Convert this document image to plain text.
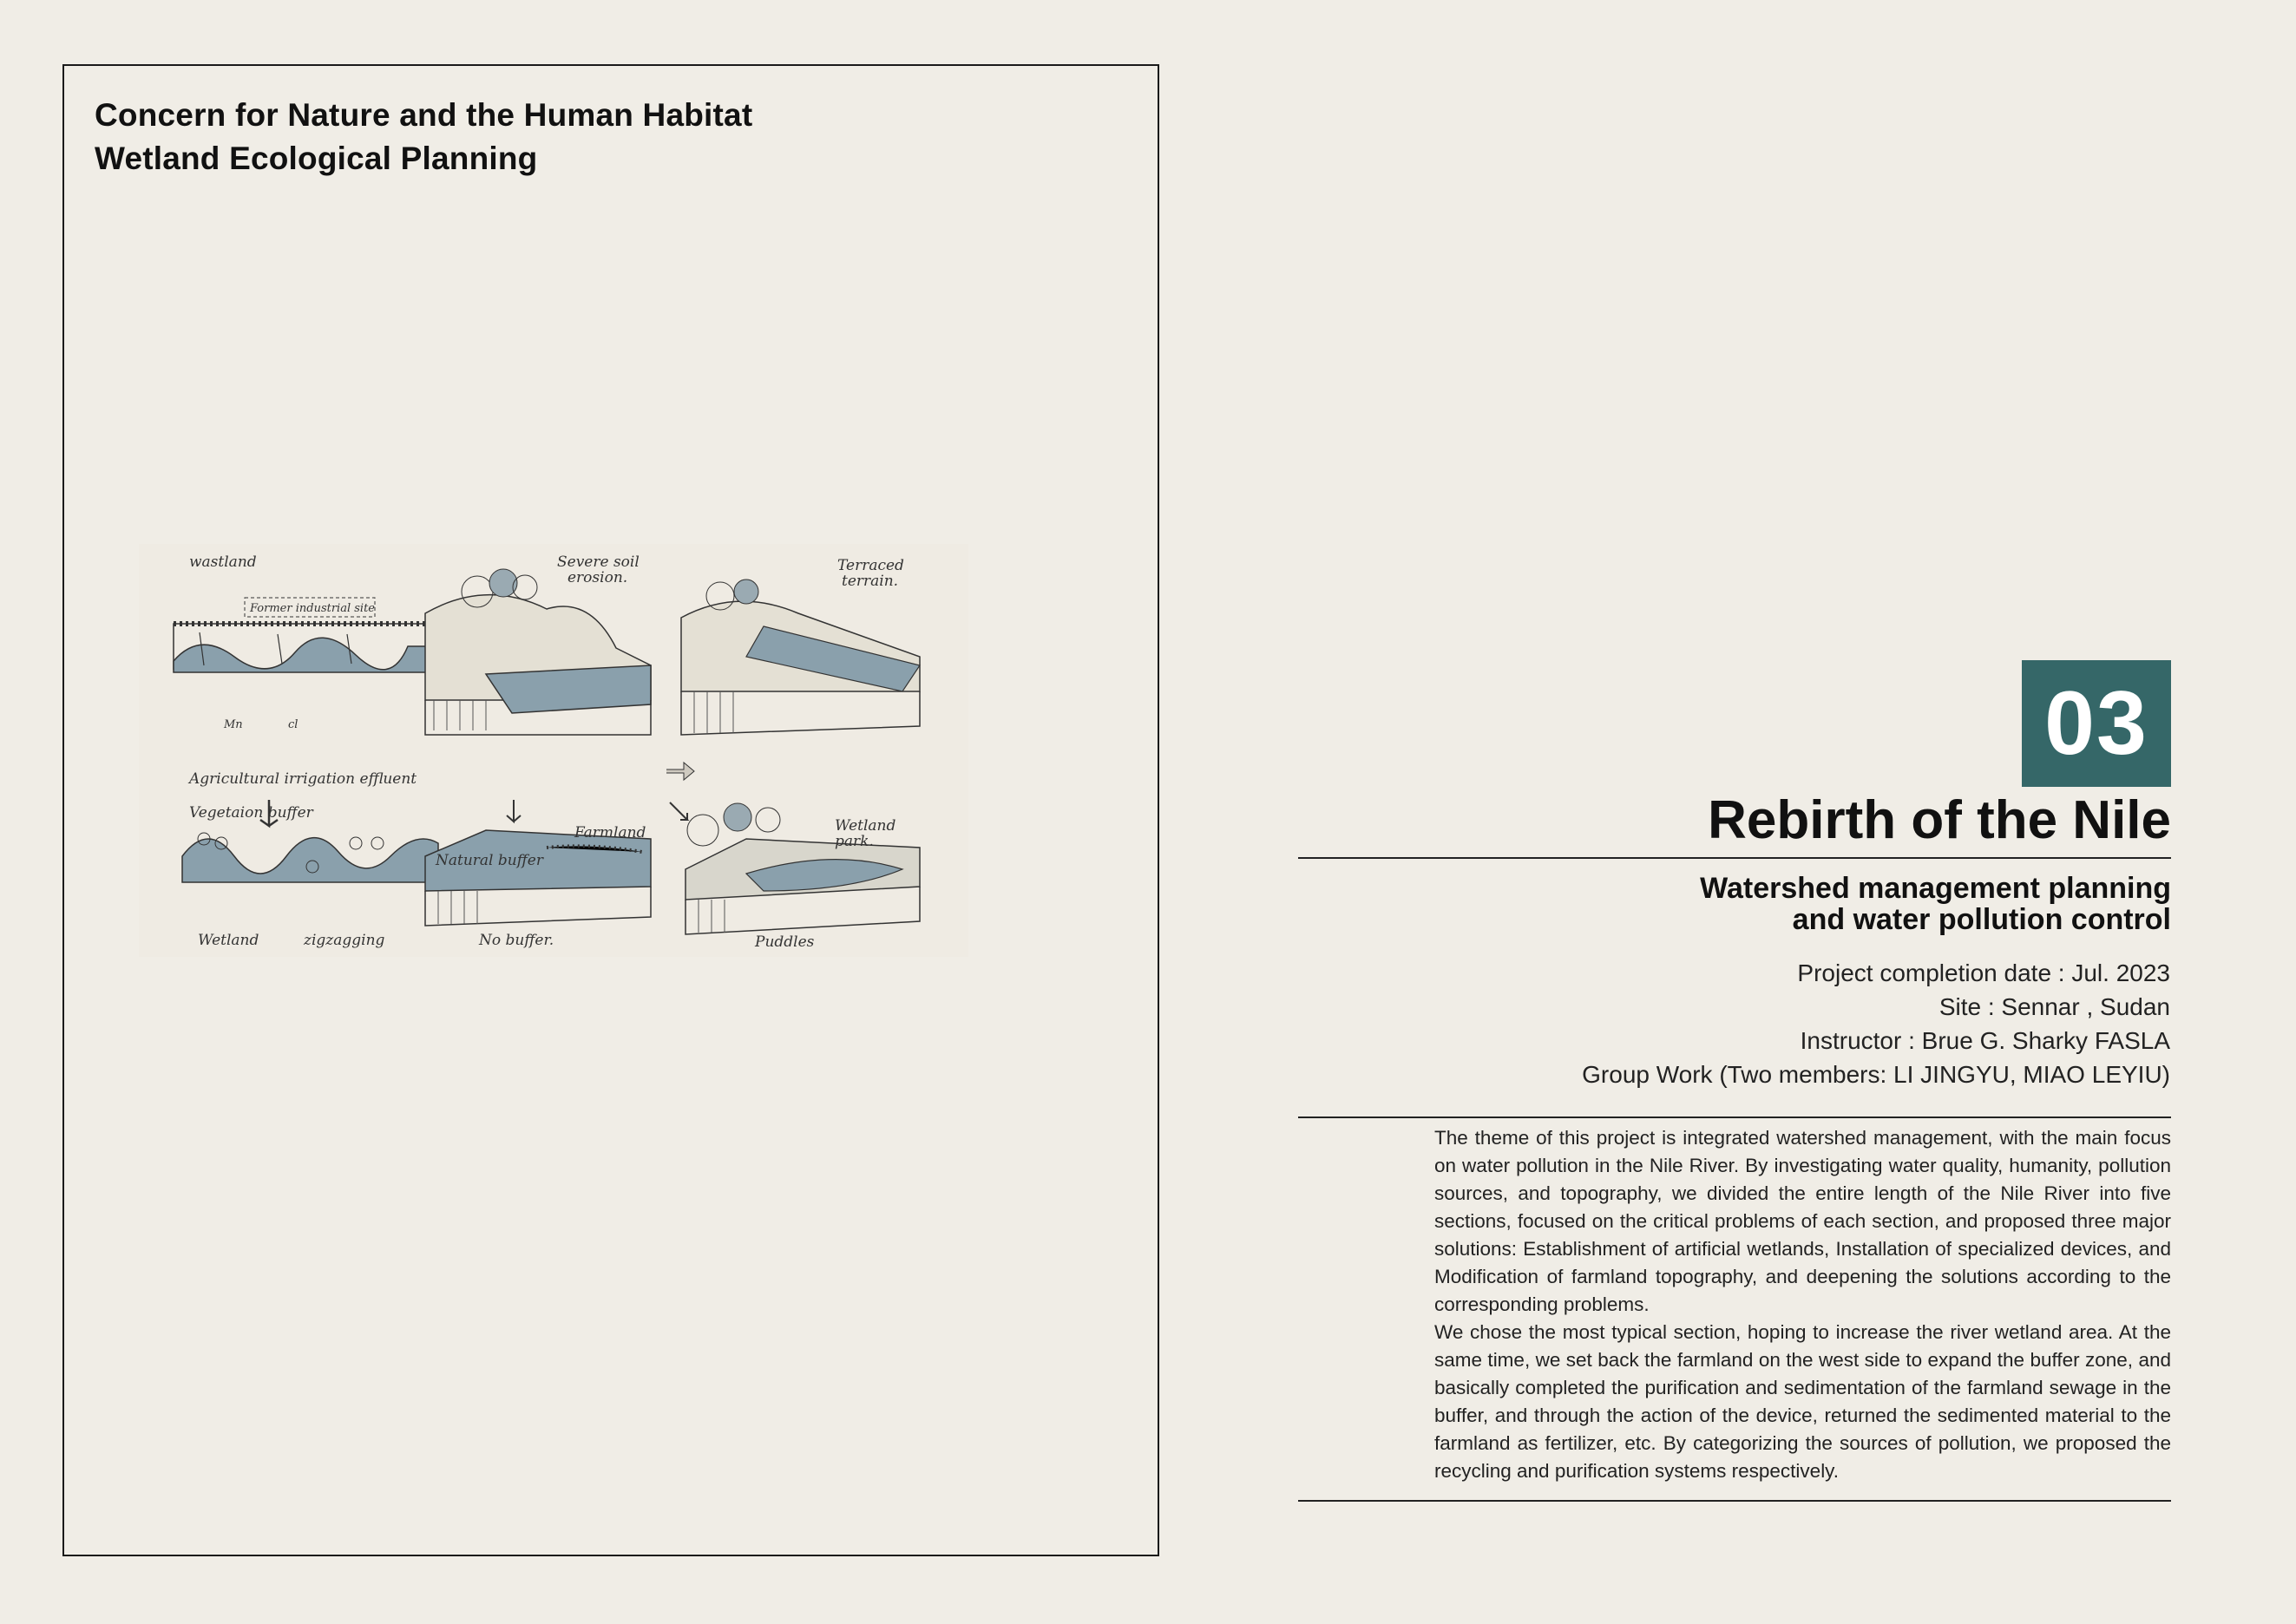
Concern for Nature and the Human Habitat
Wetland Ecological Planning
wastland
Former industrial site
Mn	cl
Agricultural irrigation effluent
Severe soil
erosion.
Terraced
terrain.
Vegetaion buffer
Wetland	zigzagging
Farmland
Natural buffer
No buffer.
Wetland
park.
Puddles
03
Rebirth of the Nile
Watershed management planning
and water pollution control
Project completion date : Jul. 2023
Site : Sennar , Sudan
Instructor : Brue G. Sharky FASLA
Group Work (Two members: LI JINGYU, MIAO LEYIU)

The theme of this project is integrated watershed management, with the main focus on water pollution in the Nile River. By investigating water quality, humanity, pollution sources, and topography, we divided the entire length of the Nile River into five sections, focused on the critical problems of each section, and proposed three major solutions: Establishment of artificial wetlands, Installation of specialized devices, and Modification of farmland topography, and deepening the solutions according to the corresponding problems.

We chose the most typical section, hoping to increase the river wetland area. At the same time, we set back the farmland on the west side to expand the buffer zone, and basically completed the purification and sedimentation of the farmland sewage in the buffer, and through the action of the device, returned the sedimented material to the farmland as fertilizer, etc. By categorizing the sources of pollution, we proposed the recycling and purification systems respectively.
